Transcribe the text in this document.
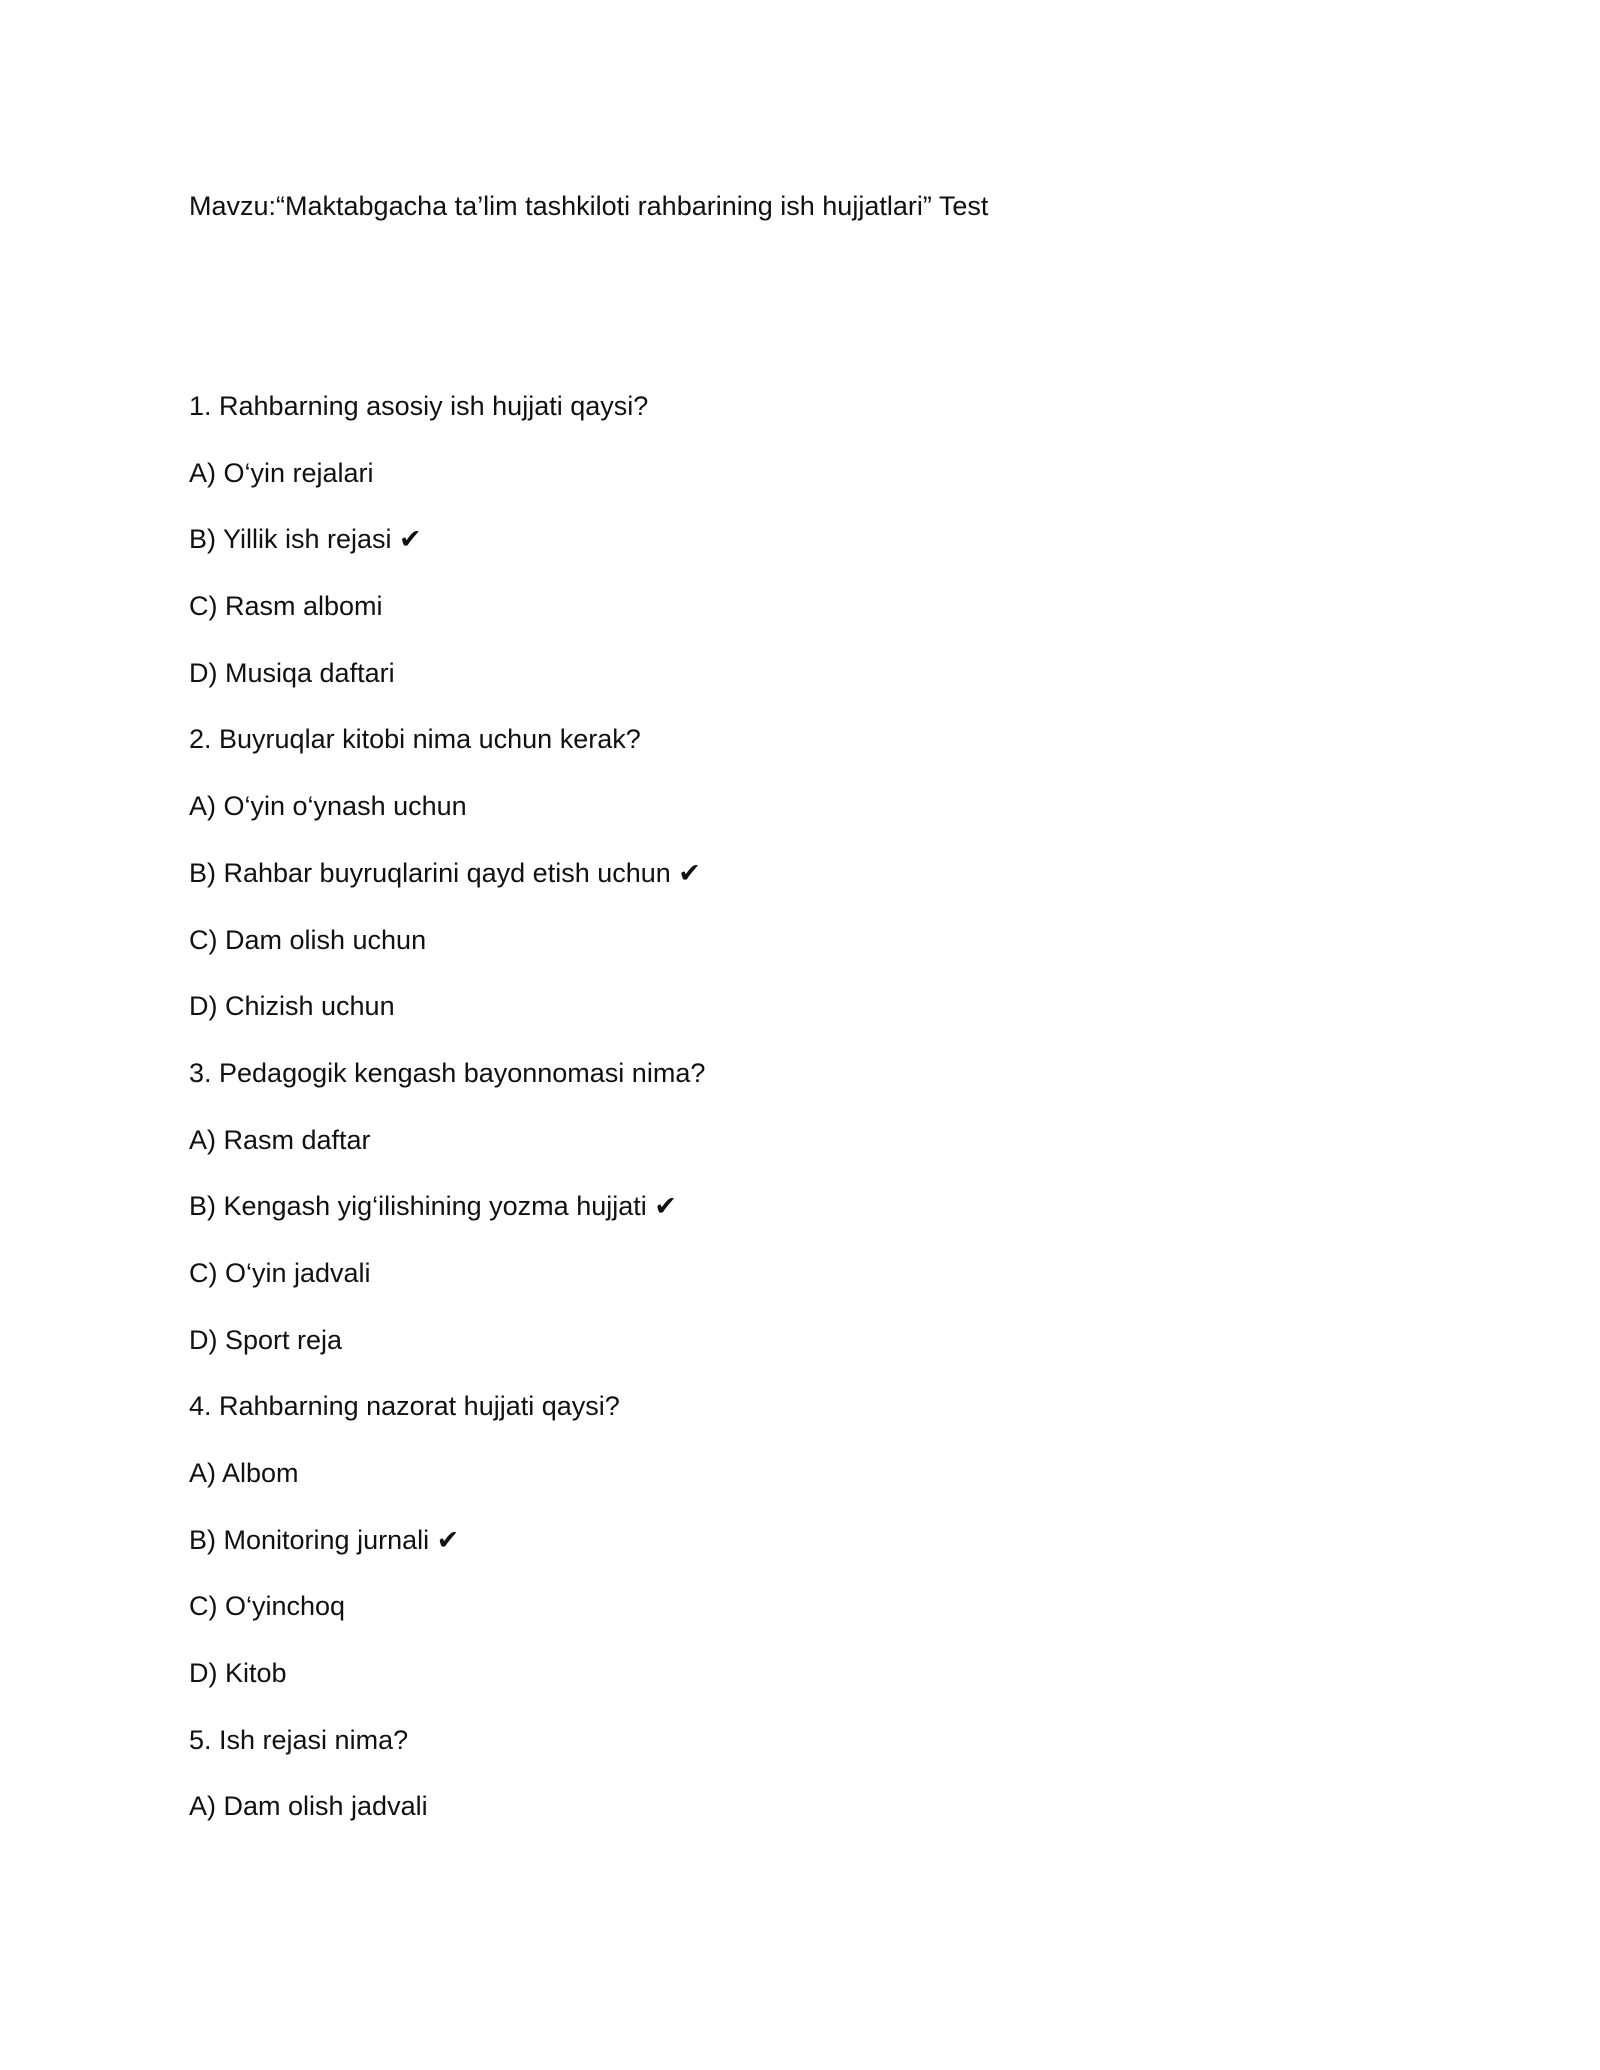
Mavzu:“Maktabgacha ta’lim tashkiloti rahbarining ish hujjatlari” Test
1. Rahbarning asosiy ish hujjati qaysi?
A) O‘yin rejalari
B) Yillik ish rejasi ✔
C) Rasm albomi
D) Musiqa daftari
2. Buyruqlar kitobi nima uchun kerak?
A) O‘yin o‘ynash uchun
B) Rahbar buyruqlarini qayd etish uchun ✔
C) Dam olish uchun
D) Chizish uchun
3. Pedagogik kengash bayonnomasi nima?
A) Rasm daftar
B) Kengash yig‘ilishining yozma hujjati ✔
C) O‘yin jadvali
D) Sport reja
4. Rahbarning nazorat hujjati qaysi?
A) Albom
B) Monitoring jurnali ✔
C) O‘yinchoq
D) Kitob
5. Ish rejasi nima?
A) Dam olish jadvali
